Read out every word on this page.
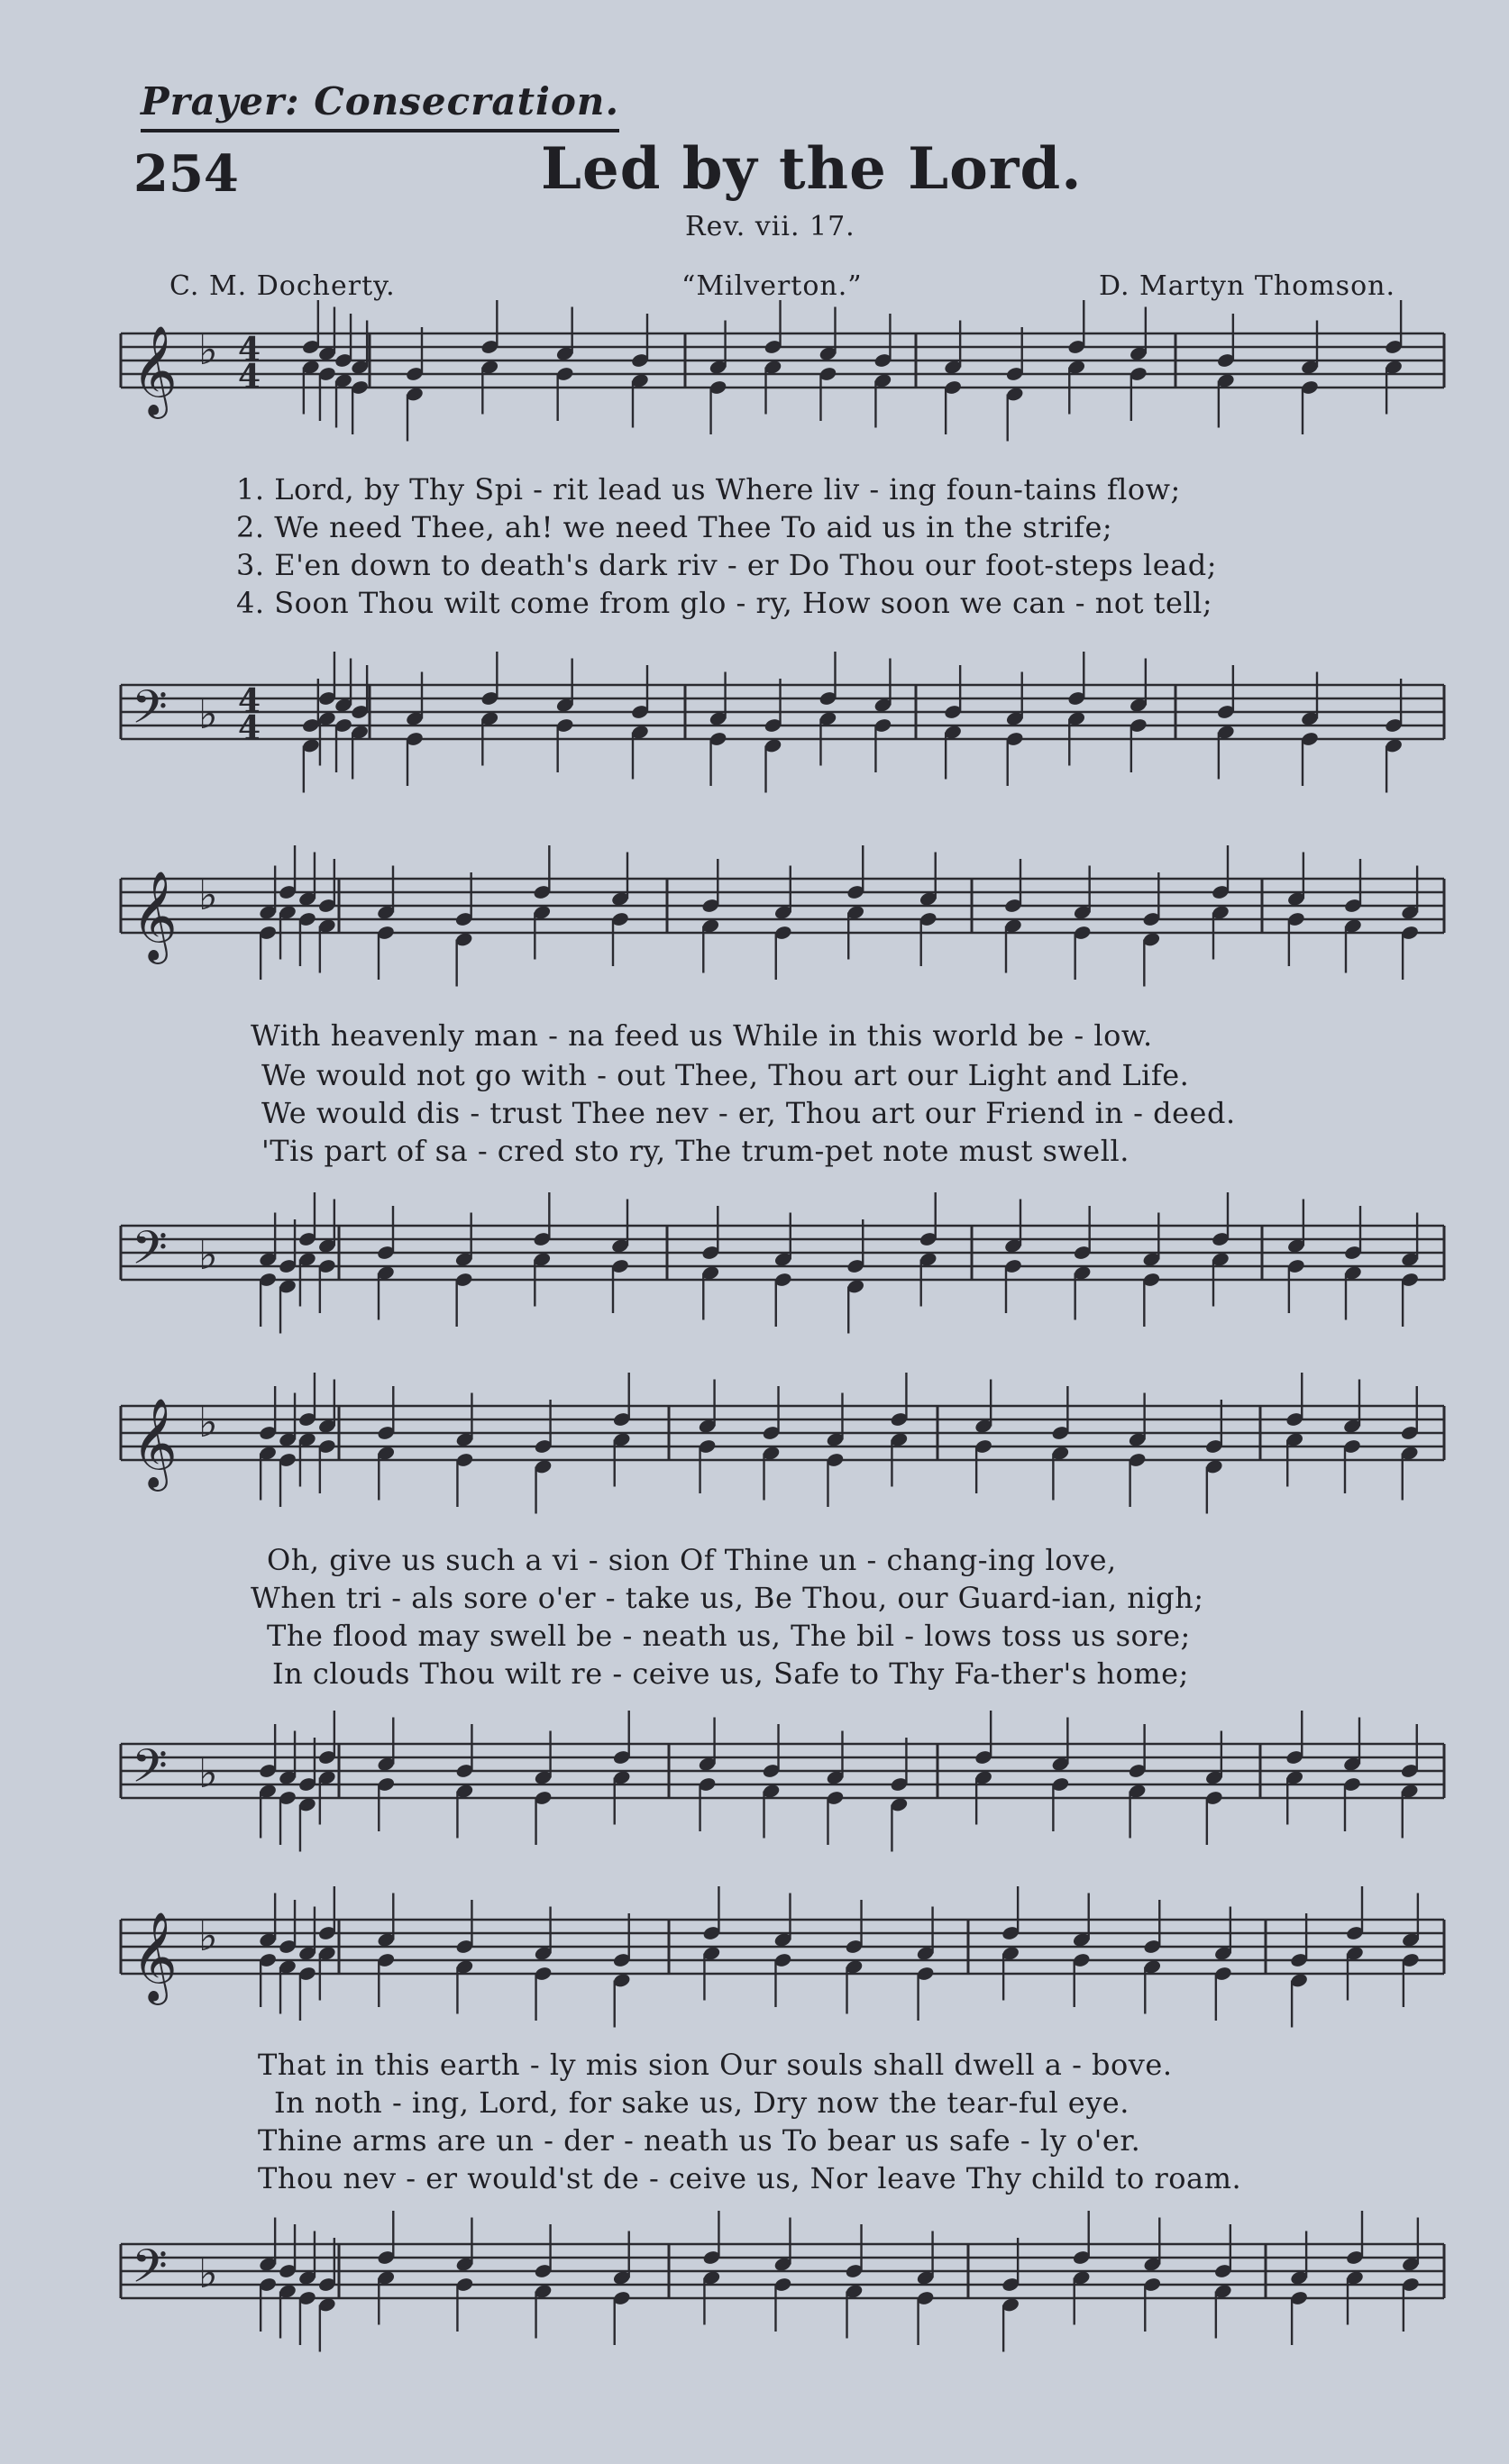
Prayer: Consecration.
254	Led by the Lord.
Rev. vii. 17.
C. M. Docherty.	“Milverton.”	D. Martyn Thomson.
𝄞 ♭ 4
4
𝄢 ♭ 4
4
𝄞 ♭
𝄢 ♭
𝄞 ♭
𝄢 ♭
𝄞 ♭
𝄢 ♭
1. Lord, by Thy Spi - rit lead us Where liv - ing foun-tains flow;
2. We need Thee, ah! we need Thee To aid us in the strife;
3. E'en down to death's dark riv - er Do Thou our foot-steps lead;
4. Soon Thou wilt come from glo - ry, How soon we can - not tell;
With heavenly man - na feed us While in this world be - low.
We would not go with - out Thee, Thou art our Light and Life.
We would dis - trust Thee nev - er, Thou art our Friend in - deed.
'Tis part of sa - cred sto ry, The trum-pet note must swell.
Oh, give us such a vi - sion Of Thine un - chang-ing love,
When tri - als sore o'er - take us, Be Thou, our Guard-ian, nigh;
The flood may swell be - neath us, The bil - lows toss us sore;
In clouds Thou wilt re - ceive us, Safe to Thy Fa-ther's home;
That in this earth - ly mis sion Our souls shall dwell a - bove.
In noth - ing, Lord, for sake us, Dry now the tear-ful eye.
Thine arms are un - der - neath us To bear us safe - ly o'er.
Thou nev - er would'st de - ceive us, Nor leave Thy child to roam.
